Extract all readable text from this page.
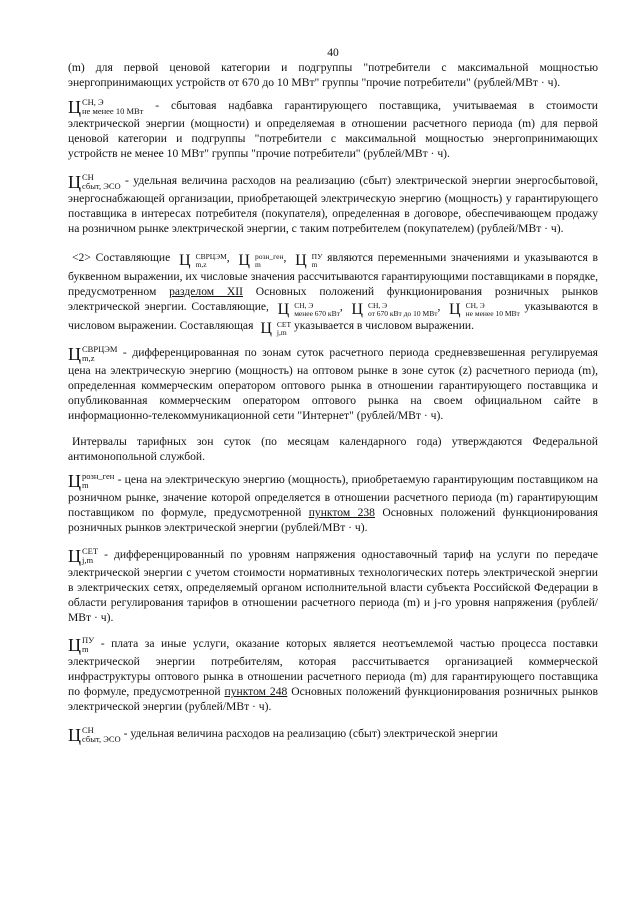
40

(m) для первой ценовой категории и подгруппы "потребители с максимальной мощностью энергопринимающих устройств от 670 до 10 МВт" группы "прочие потребители" (рублей/МВт · ч).

Ц СН, Э
не менее 10 МВт - сбытовая надбавка гарантирующего поставщика, учитываемая в стоимости электрической энергии (мощности) и определяемая в отношении расчетного периода (m) для первой ценовой категории и подгруппы "потребители с максимальной мощностью энергопринимающих устройств не менее 10 МВт" группы "прочие потребители" (рублей/МВт · ч).

Ц СН
сбыт, ЭСО - удельная величина расходов на реализацию (сбыт) электрической энергии энергосбытовой, энергоснабжающей организации, приобретающей электрическую энергию (мощность) у гарантирующего поставщика в интересах потребителя (покупателя), определенная в договоре, обеспечивающем продажу на розничном рынке электрической энергии, с таким потребителем (покупателем) (рублей/МВт · ч).

<2> Составляющие Ц СВРЦЭМ
m,z
, Ц розн_ген
m
, Ц ПУ
m
являются переменными значениями и указываются в буквенном выражении, их числовые значения рассчитываются гарантирующими поставщиками в порядке, предусмотренном разделом XII Основных положений функционирования розничных рынков электрической энергии. Составляющие, Ц СН, Э
менее 670 кВт
, Ц СН, Э
от 670 кВт до 10 МВт
, Ц СН, Э
не менее 10 МВт
указываются в числовом выражении. Составляющая Ц СЕТ
j,m
указывается в числовом выражении.

Ц СВРЦЭМ
m,z	- дифференцированная по зонам суток расчетного периода средневзвешенная регулируемая цена на электрическую энергию (мощность) на оптовом рынке в зоне суток (z) расчетного периода (m), определенная коммерческим оператором оптового рынка в отношении гарантирующего поставщика и опубликованная коммерческим оператором оптового рынка на своем официальном сайте в информационно-телекоммуникационной сети "Интернет" (рублей/МВт · ч).

Интервалы тарифных зон суток (по месяцам календарного года) утверждаются Федеральной антимонопольной службой.

Ц розн_ген
m	- цена на электрическую энергию (мощность), приобретаемую гарантирующим поставщиком на розничном рынке, значение которой определяется в отношении расчетного периода (m) гарантирующим поставщиком по формуле, предусмотренной пунктом 238 Основных положений функционирования розничных рынков электрической энергии (рублей/МВт · ч).

Ц СЕТ
j,m - дифференцированный по уровням напряжения одноставочный тариф на услуги по передаче электрической энергии с учетом стоимости нормативных технологических потерь электрической энергии в электрических сетях, определяемый органом исполнительной власти субъекта Российской Федерации в области регулирования тарифов в отношении расчетного периода (m) и j-го уровня напряжения (рублей/МВт · ч).

Ц ПУ
m - плата за иные услуги, оказание которых является неотъемлемой частью процесса поставки электрической энергии потребителям, которая рассчитывается организацией коммерческой инфраструктуры оптового рынка в отношении расчетного периода (m) для гарантирующего поставщика по формуле, предусмотренной пунктом 248 Основных положений функционирования розничных рынков электрической энергии (рублей/МВт · ч).

Ц СН
сбыт, ЭСО - удельная величина расходов на реализацию (сбыт) электрической энергии
